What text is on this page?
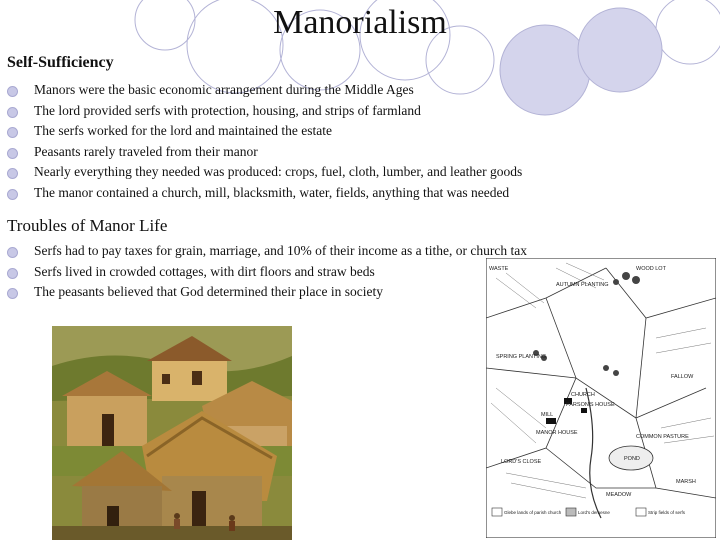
Manorialism
Self-Sufficiency
Manors were the basic economic arrangement during the Middle Ages
The lord provided serfs with protection, housing, and strips of farmland
The serfs worked for the lord and maintained the estate
Peasants rarely traveled from their manor
Nearly everything they needed was produced: crops, fuel, cloth, lumber, and leather goods
The manor contained a church, mill, blacksmith, water, fields, anything that was needed
Troubles of Manor Life
Serfs had to pay taxes for grain, marriage, and 10% of their income as a tithe, or church tax
Serfs lived in crowded cottages, with dirt floors and straw beds
The peasants believed that God determined their place in society
WASTE	WOOD LOT
AUTUMN PLANTING
SPRING PLANTING
CHURCH
PARSON'S HOUSE
MILL
MANOR HOUSE
COMMON PASTURE
POND
LORD'S CLOSE
MEADOW
FALLOW
MARSH
Glebe lands of parish church	Lord's demesne	Strip fields of serfs
